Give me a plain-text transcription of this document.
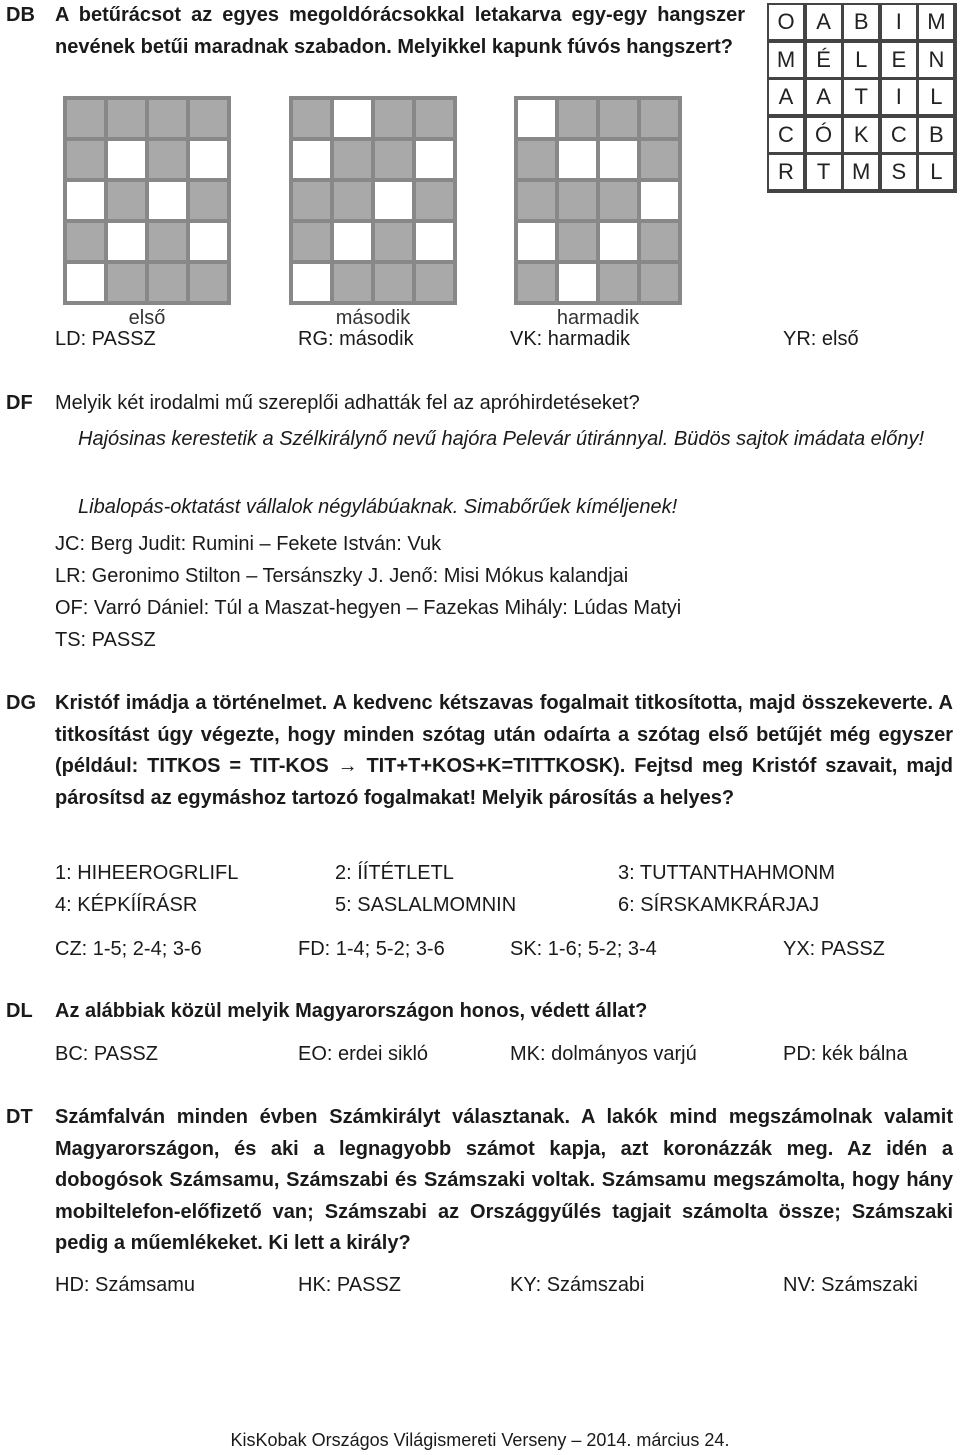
DB A betűrácsot az egyes megoldórácsokkal letakarva egy-egy hangszer nevének betűi maradnak szabadon. Melyikkel kapunk fúvós hangszert?
O A	B	I	M
M É	L	E	N
A	A	T	I	L
C Ó K	C	B
R	T M S	L
első	második	harmadik
LD: PASSZ	RG: második	VK: harmadik	YR: első
DF Melyik két irodalmi mű szereplői adhatták fel az apróhirdetéseket?
Hajósinas kerestetik a Szélkirálynő nevű hajóra Pelevár útiránnyal. Büdös sajtok imádata előny!
Libalopás-oktatást vállalok négylábúaknak. Simabőrűek kíméljenek!
JC: Berg Judit: Rumini – Fekete István: Vuk
LR: Geronimo Stilton – Tersánszky J. Jenő: Misi Mókus kalandjai
OF: Varró Dániel: Túl a Maszat-hegyen – Fazekas Mihály: Lúdas Matyi
TS: PASSZ
DG Kristóf imádja a történelmet. A kedvenc kétszavas fogalmait titkosította, majd összekeverte. A titkosítást úgy végezte, hogy minden szótag után odaírta a szótag első betűjét még egyszer (például: TITKOS = TIT-KOS → TIT+T+KOS+K=TITTKOSK). Fejtsd meg Kristóf szavait, majd párosítsd az egymáshoz tartozó fogalmakat! Melyik párosítás a helyes?
1: HIHEEROGRLIFL	2: ÍÍTÉTLETL	3: TUTTANTHAHMONM
4: KÉPKÍÍRÁSR	5: SASLALMOMNIN	6: SÍRSKAMKRÁRJAJ
CZ: 1-5; 2-4; 3-6	FD: 1-4; 5-2; 3-6	SK: 1-6; 5-2; 3-4	YX: PASSZ
DL Az alábbiak közül melyik Magyarországon honos, védett állat?
BC: PASSZ	EO: erdei sikló	MK: dolmányos varjú	PD: kék bálna
DT Számfalván minden évben Számkirályt választanak. A lakók mind megszámolnak valamit Magyarországon, és aki a legnagyobb számot kapja, azt koronázzák meg. Az idén a dobogósok Számsamu, Számszabi és Számszaki voltak. Számsamu megszámolta, hogy hány mobiltelefon-előfizető van; Számszabi az Országgyűlés tagjait számolta össze; Számszaki pedig a műemlékeket. Ki lett a király?
HD: Számsamu	HK: PASSZ	KY: Számszabi	NV: Számszaki
KisKobak Országos Világismereti Verseny – 2014. március 24.
